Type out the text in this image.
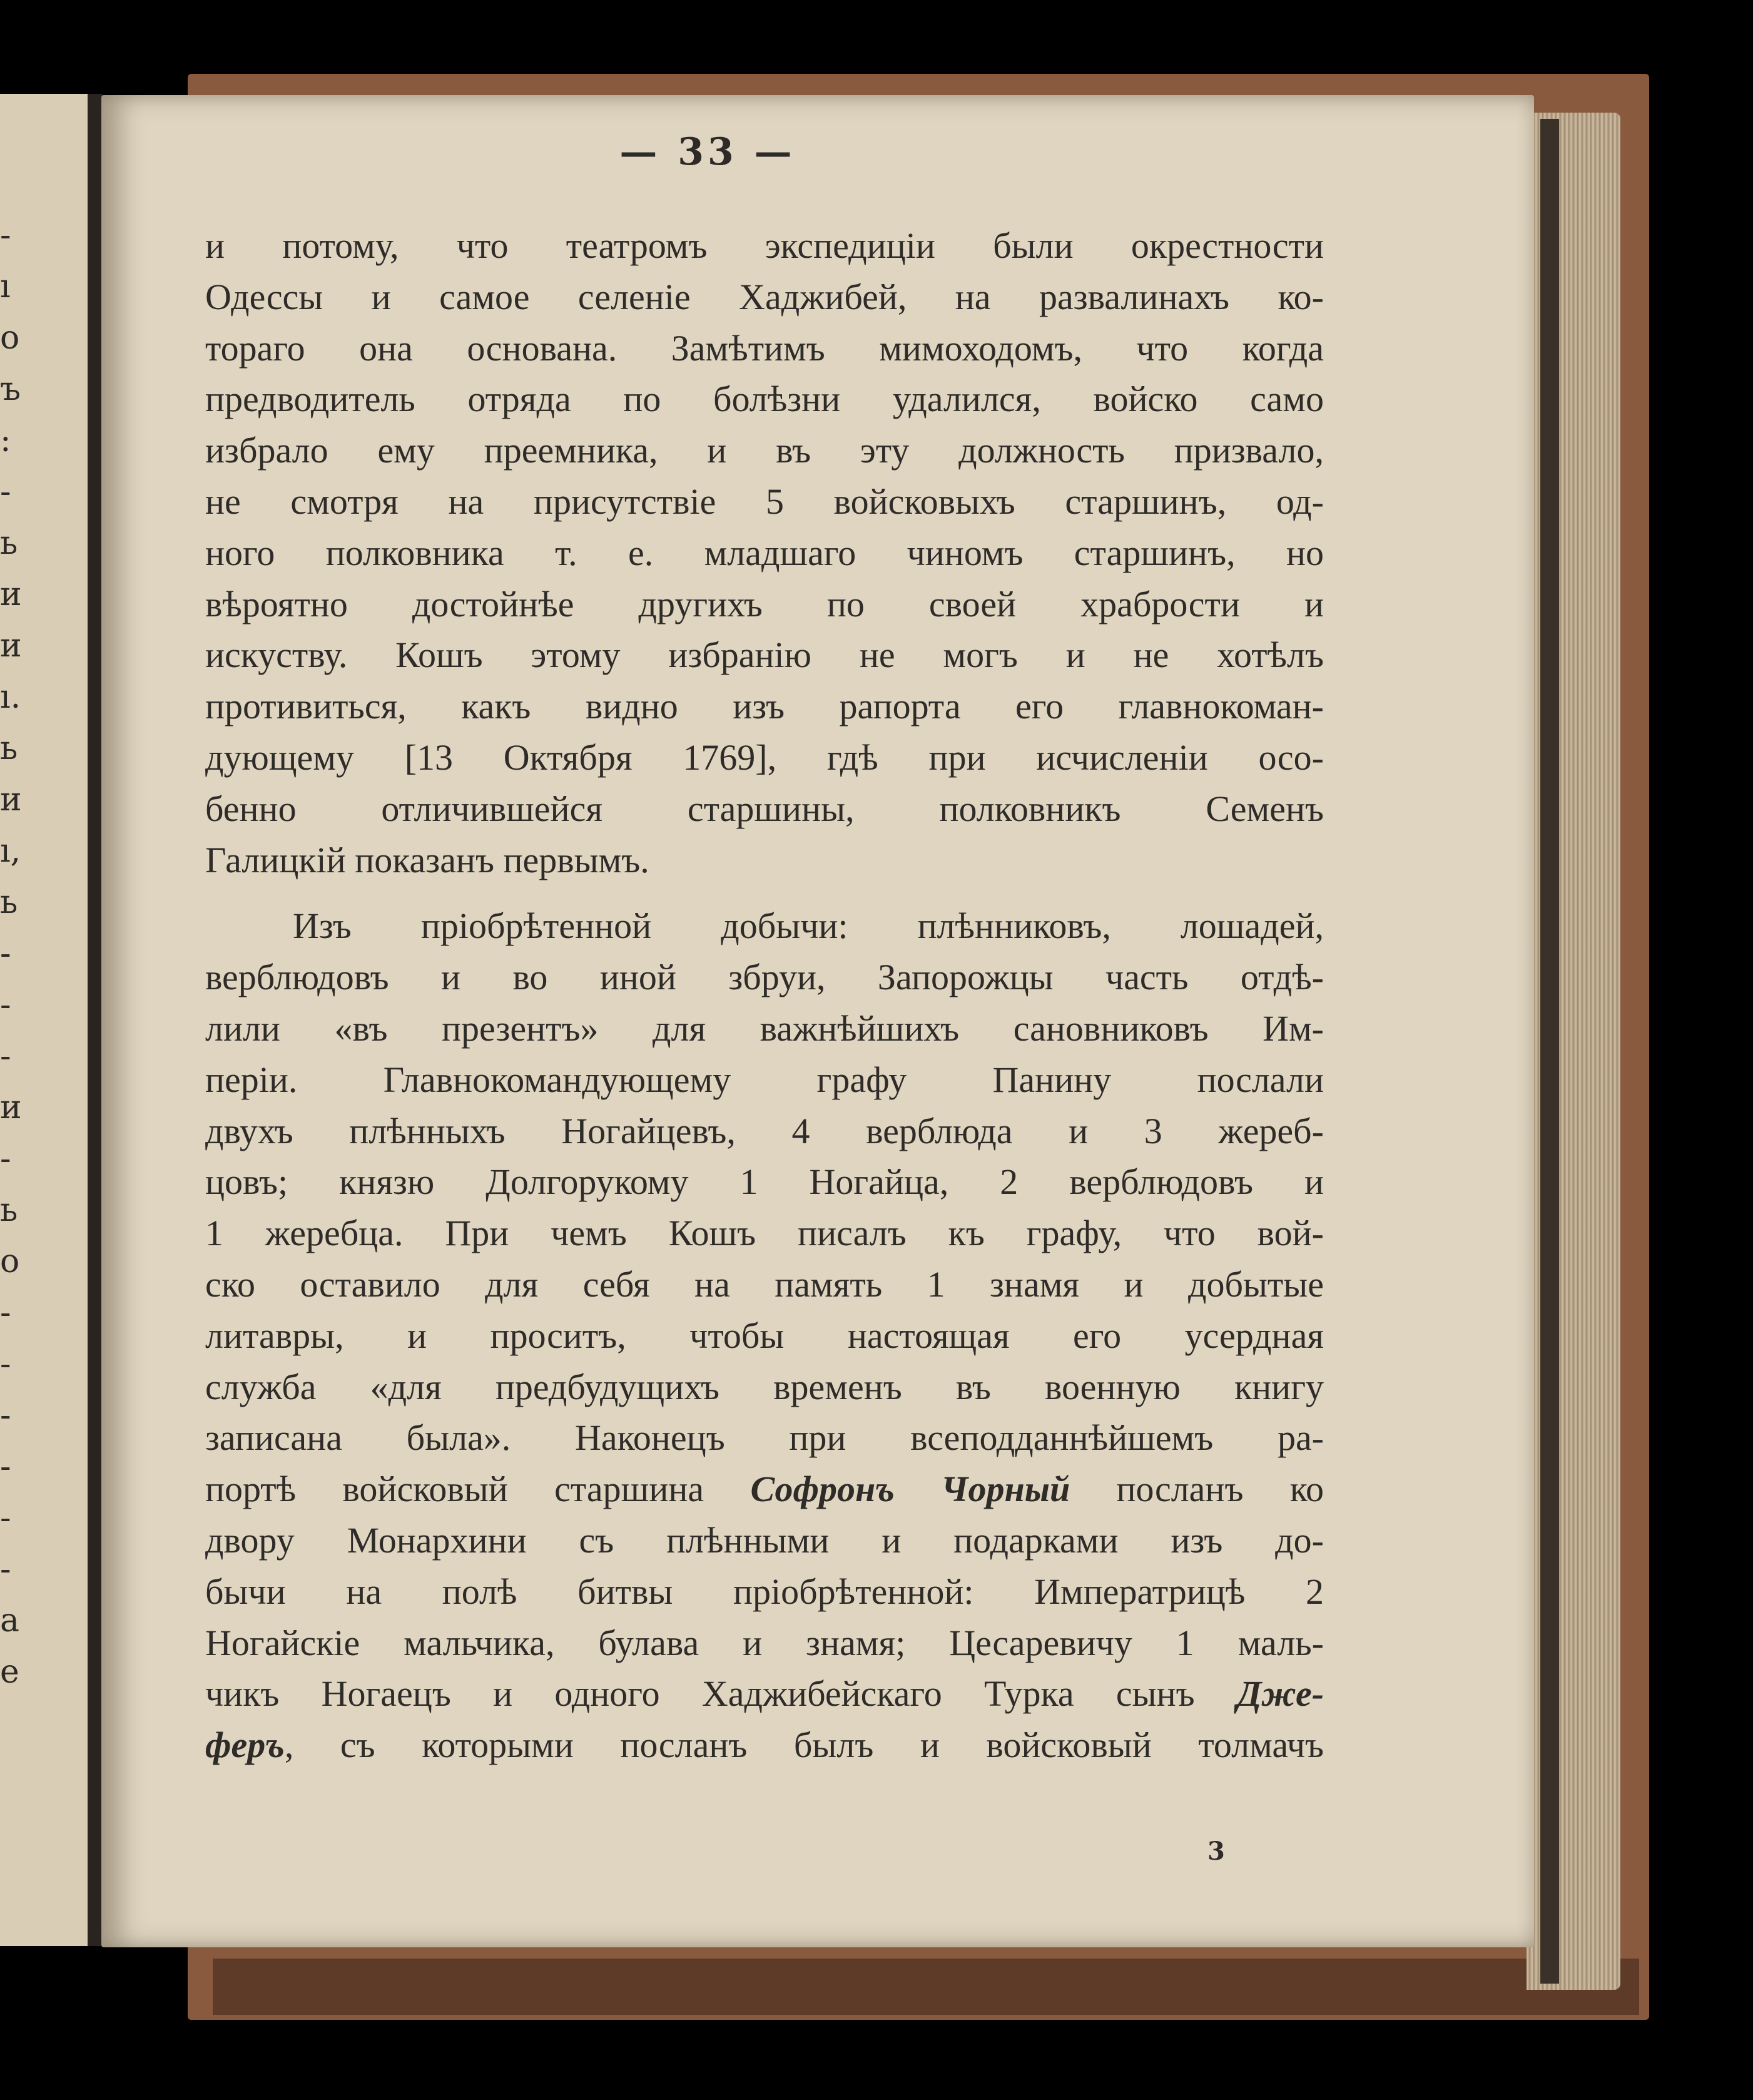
-
ı
о
ъ
:
-
ь
и
и
ı.
ь
и
ı,
ь
-
-
-
и
-
ь
о
-
-
-
-
-
-
а
е
— 33 —
и потому, что театромъ экспедиціи были окрестности
Одессы и самое селеніе Хаджибей, на развалинахъ ко-
тораго она основана. Замѣтимъ мимоходомъ, что когда
предводитель отряда по болѣзни удалился, войско само
избрало ему преемника, и въ эту должность призвало,
не смотря на присутствіе 5 войсковыхъ старшинъ, од-
ного полковника т. е. младшаго чиномъ старшинъ, но
вѣроятно достойнѣе другихъ по своей храбрости и
искуству. Кошъ этому избранію не могъ и не хотѣлъ
противиться, какъ видно изъ рапорта его главнокоман-
дующему [13 Октября 1769], гдѣ при исчисленіи осо-
бенно отличившейся старшины, полковникъ Семенъ
Галицкій показанъ первымъ.
Изъ пріобрѣтенной добычи: плѣнниковъ, лошадей,
верблюдовъ и во иной збруи, Запорожцы часть отдѣ-
лили «въ презентъ» для важнѣйшихъ сановниковъ Им-
періи. Главнокомандующему графу Панину послали
двухъ плѣнныхъ Ногайцевъ, 4 верблюда и 3 жереб-
цовъ; князю Долгорукому 1 Ногайца, 2 верблюдовъ и
1 жеребца. При чемъ Кошъ писалъ къ графу, что вой-
ско оставило для себя на память 1 знамя и добытые
литавры, и проситъ, чтобы настоящая его усердная
служба «для предбудущихъ временъ въ военную книгу
записана была». Наконецъ при всеподданнѣйшемъ ра-
портѣ войсковый старшина Софронъ Чорный посланъ ко
двору Монархини съ плѣнными и подарками изъ до-
бычи на полѣ битвы пріобрѣтенной: Императрицѣ 2
Ногайскіе мальчика, булава и знамя; Цесаревичу 1 маль-
чикъ Ногаецъ и одного Хаджибейскаго Турка сынъ Дже-
феръ, съ которыми посланъ былъ и войсковый толмачъ
3
